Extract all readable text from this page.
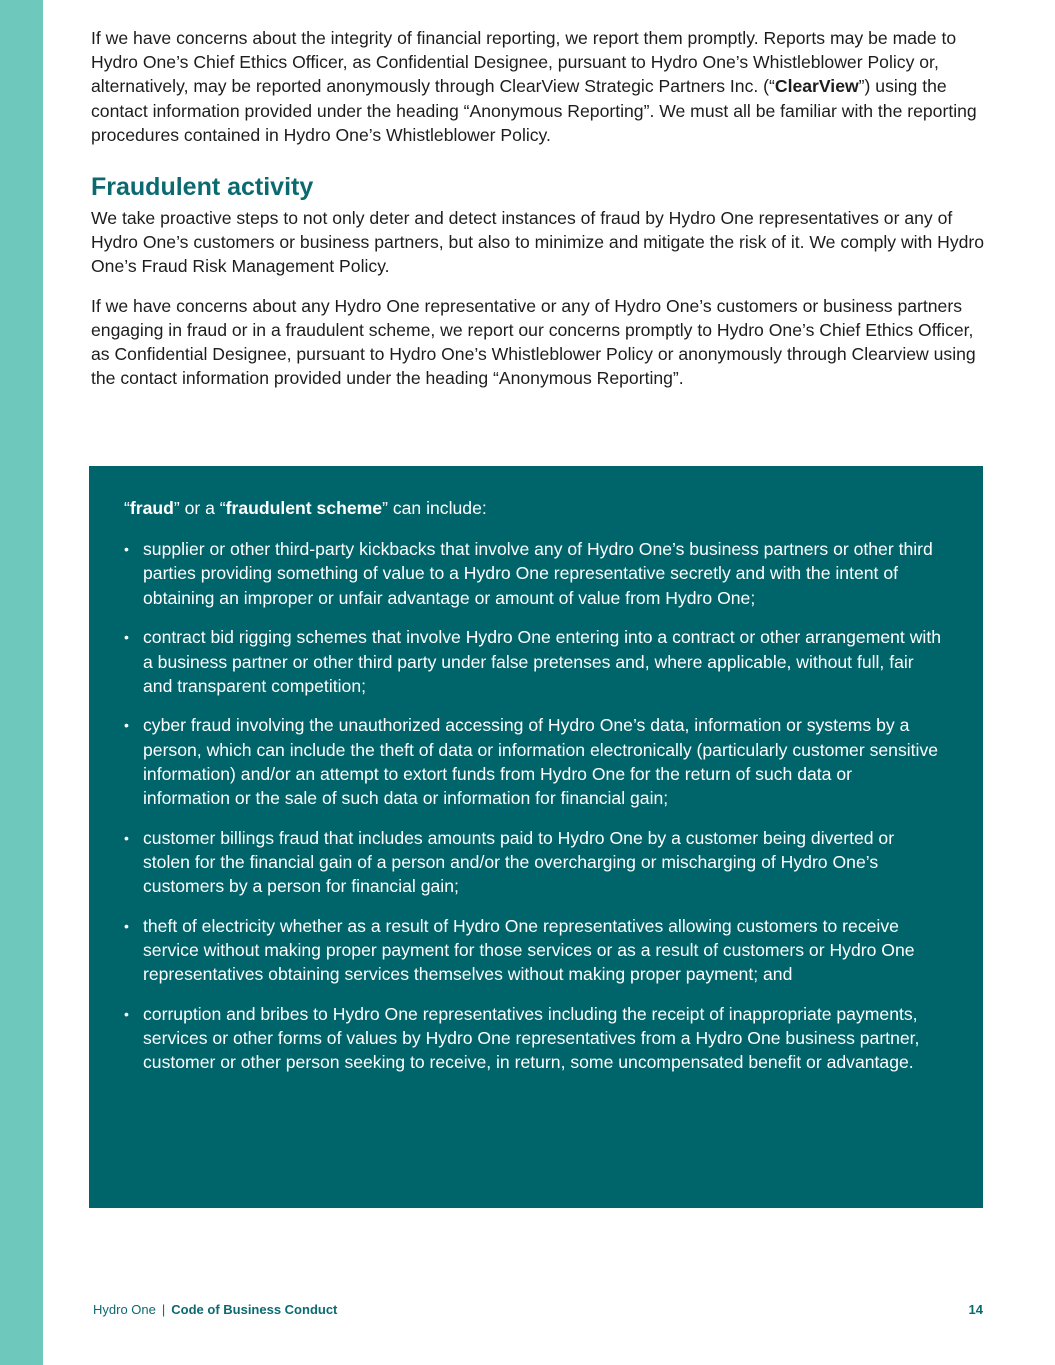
If we have concerns about the integrity of financial reporting, we report them promptly. Reports may be made to Hydro One’s Chief Ethics Officer, as Confidential Designee, pursuant to Hydro One’s Whistleblower Policy or, alternatively, may be reported anonymously through ClearView Strategic Partners Inc. (“ClearView”) using the contact information provided under the heading “Anonymous Reporting”. We must all be familiar with the reporting procedures contained in Hydro One’s Whistleblower Policy.

Fraudulent activity

We take proactive steps to not only deter and detect instances of fraud by Hydro One representatives or any of Hydro One’s customers or business partners, but also to minimize and mitigate the risk of it. We comply with Hydro One’s Fraud Risk Management Policy.

If we have concerns about any Hydro One representative or any of Hydro One’s customers or business partners engaging in fraud or in a fraudulent scheme, we report our concerns promptly to Hydro One’s Chief Ethics Officer, as Confidential Designee, pursuant to Hydro One’s Whistleblower Policy or anonymously through Clearview using the contact information provided under the heading “Anonymous Reporting”.

“fraud” or a “fraudulent scheme” can include:

• supplier or other third-party kickbacks that involve any of Hydro One’s business partners or other third parties providing something of value to a Hydro One representative secretly and with the intent of obtaining an improper or unfair advantage or amount of value from Hydro One;
• contract bid rigging schemes that involve Hydro One entering into a contract or other arrangement with a business partner or other third party under false pretenses and, where applicable, without full, fair and transparent competition;
• cyber fraud involving the unauthorized accessing of Hydro One’s data, information or systems by a person, which can include the theft of data or information electronically (particularly customer sensitive information) and/or an attempt to extort funds from Hydro One for the return of such data or information or the sale of such data or information for financial gain;
• customer billings fraud that includes amounts paid to Hydro One by a customer being diverted or stolen for the financial gain of a person and/or the overcharging or mischarging of Hydro One’s customers by a person for financial gain;
• theft of electricity whether as a result of Hydro One representatives allowing customers to receive service without making proper payment for those services or as a result of customers or Hydro One representatives obtaining services themselves without making proper payment; and
• corruption and bribes to Hydro One representatives including the receipt of inappropriate payments, services or other forms of values by Hydro One representatives from a Hydro One business partner, customer or other person seeking to receive, in return, some uncompensated benefit or advantage.
Hydro One | Code of Business Conduct	14
